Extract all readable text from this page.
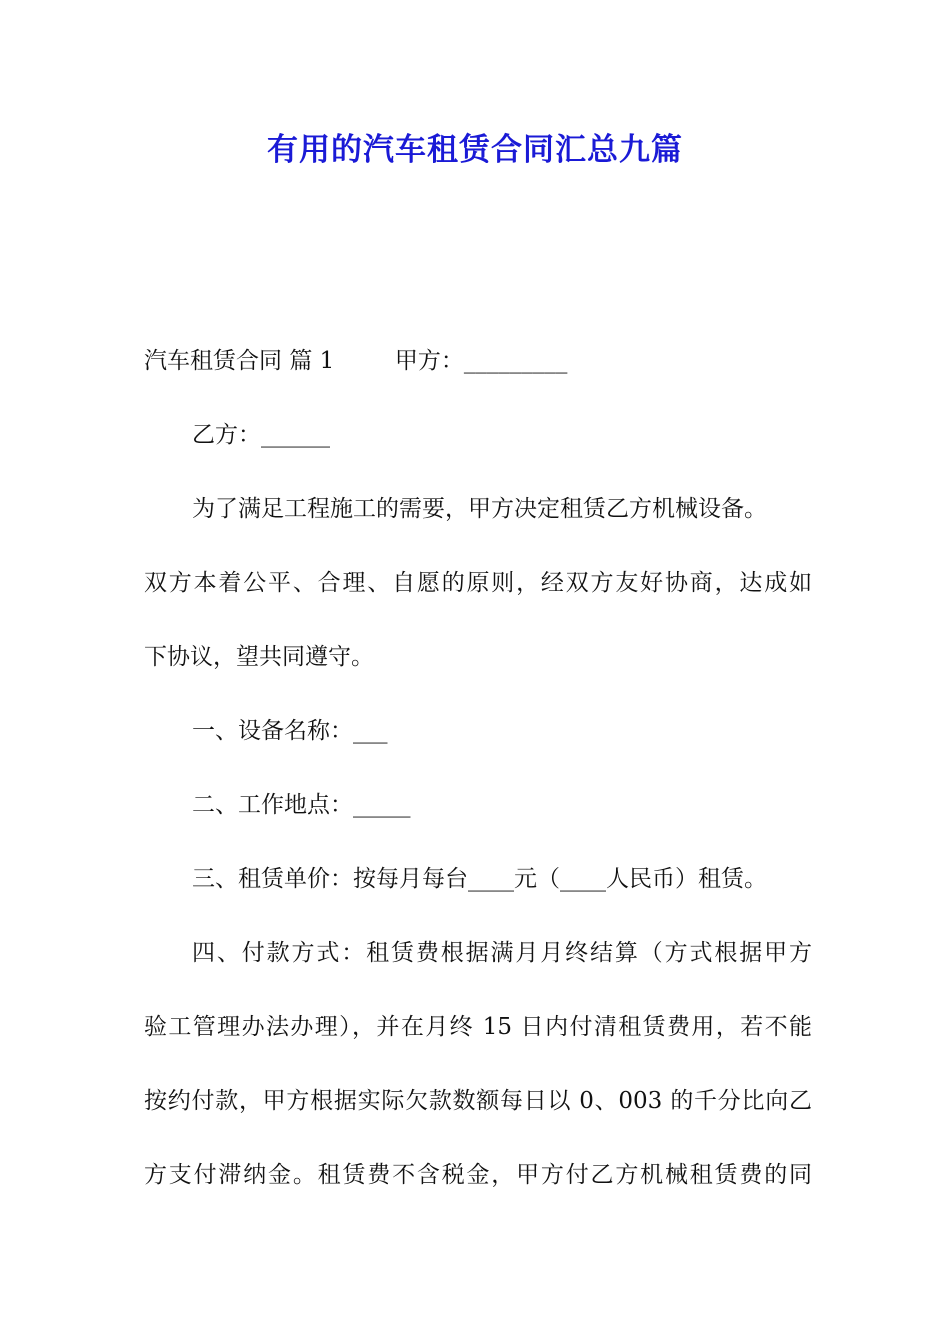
有用的汽车租赁合同汇总九篇
汽车租赁合同 篇 1	甲方：_________
乙方：______
为了满足工程施工的需要，甲方决定租赁乙方机械设备。
双方本着公平、合理、自愿的原则，经双方友好协商，达成如
下协议，望共同遵守。
一、设备名称：___
二、工作地点：_____
三、租赁单价：按每月每台____元（____人民币）租赁。
四、付款方式：租赁费根据满月月终结算（方式根据甲方
验工管理办法办理），并在月终 15 日内付清租赁费用，若不能
按约付款，甲方根据实际欠款数额每日以 0、003 的千分比向乙
方支付滞纳金。租赁费不含税金，甲方付乙方机械租赁费的同
